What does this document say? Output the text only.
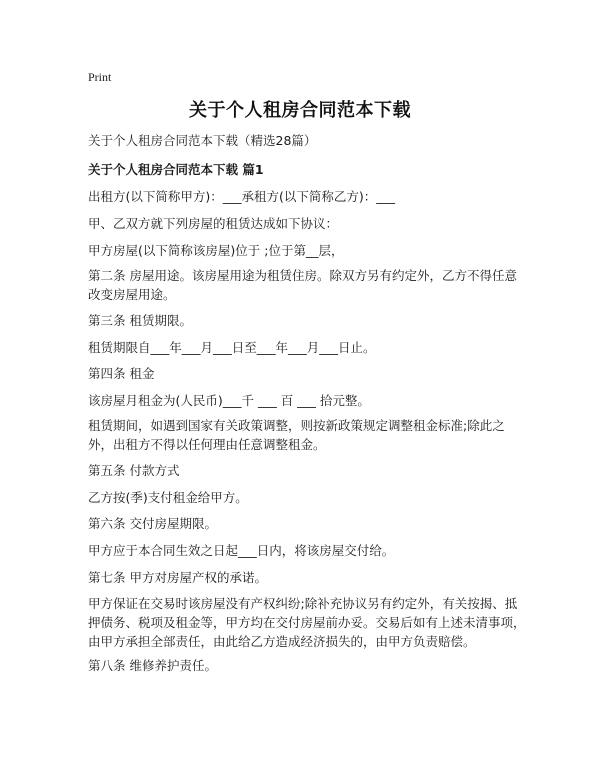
Print
关于个人租房合同范本下载
关于个人租房合同范本下载（精选28篇）
关于个人租房合同范本下载 篇1
出租方(以下简称甲方)：___承租方(以下简称乙方)：___
甲、乙双方就下列房屋的租赁达成如下协议：
甲方房屋(以下简称该房屋)位于 ;位于第__层，
第二条 房屋用途。该房屋用途为租赁住房。除双方另有约定外，乙方不得任意改变房屋用途。
第三条 租赁期限。
租赁期限自___年___月___日至___年___月___日止。
第四条 租金
该房屋月租金为(人民币)___千 ___ 百 ___ 拾元整。
租赁期间，如遇到国家有关政策调整，则按新政策规定调整租金标准;除此之外，出租方不得以任何理由任意调整租金。
第五条 付款方式
乙方按(季)支付租金给甲方。
第六条 交付房屋期限。
甲方应于本合同生效之日起___日内，将该房屋交付给。
第七条 甲方对房屋产权的承诺。
甲方保证在交易时该房屋没有产权纠纷;除补充协议另有约定外，有关按揭、抵押债务、税项及租金等，甲方均在交付房屋前办妥。交易后如有上述未清事项，由甲方承担全部责任，由此给乙方造成经济损失的，由甲方负责赔偿。
第八条 维修养护责任。
